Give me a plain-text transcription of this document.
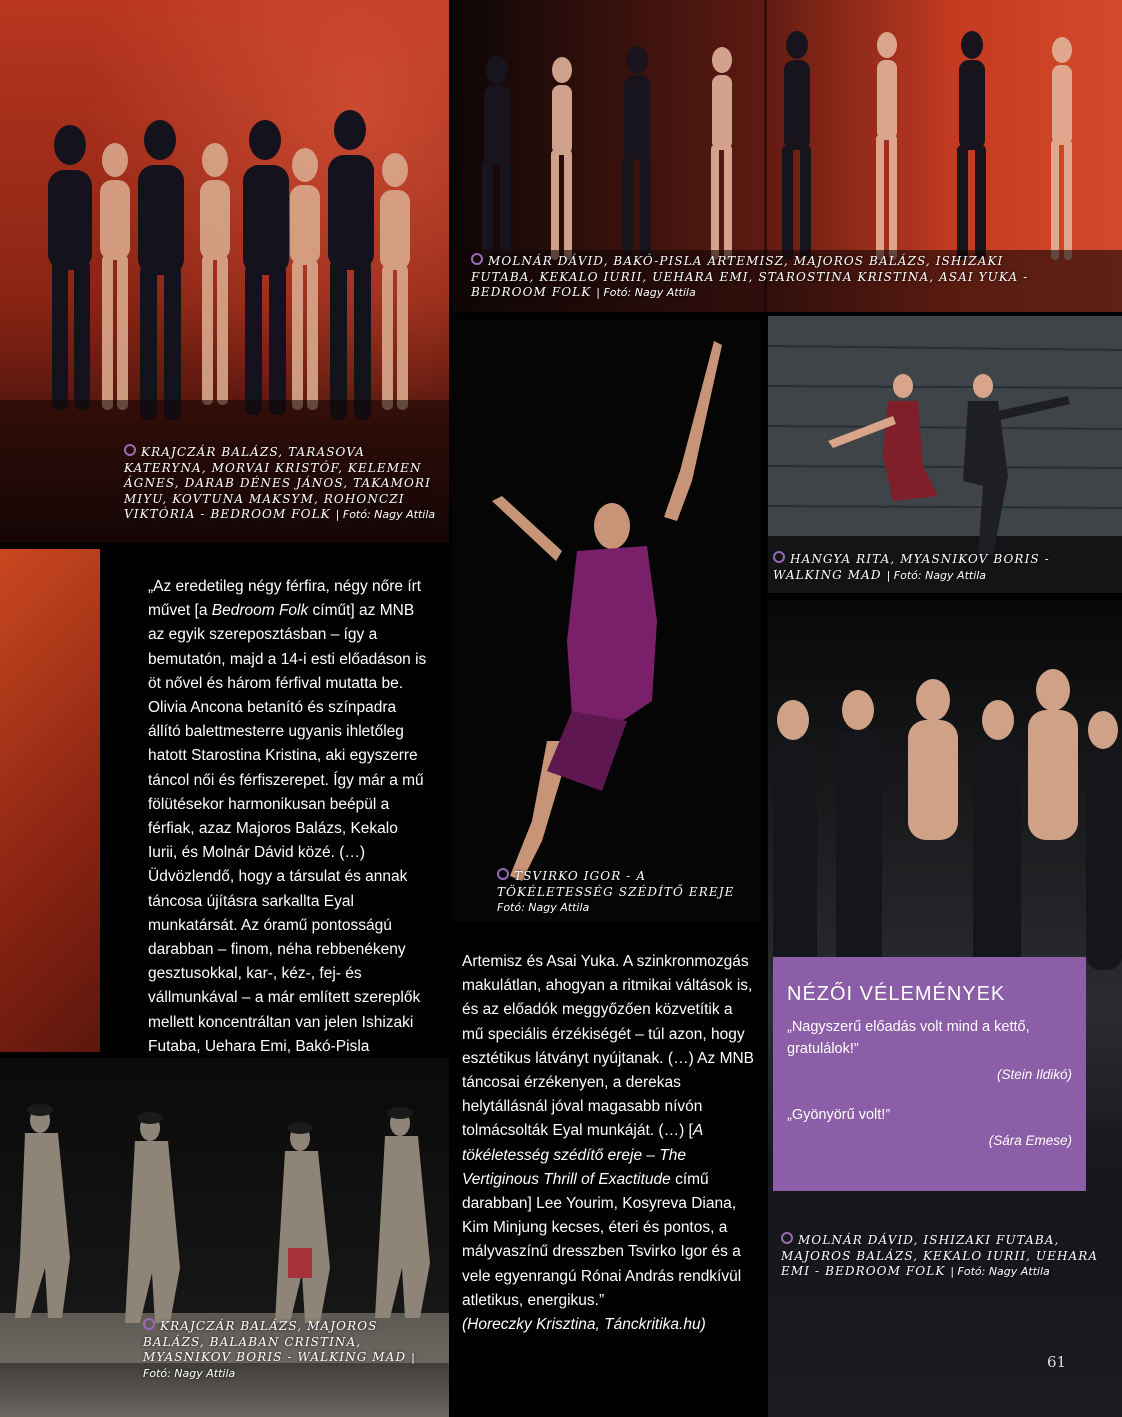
KRAJCZÁR BALÁZS, TARASOVA KATERYNA, MORVAI KRISTÓF, KELEMEN ÁGNES, DARAB DÉNES JÁNOS, TAKAMORI MIYU, KOVTUNA MAKSYM, ROHONCZI VIKTÓRIA - BEDROOM FOLK | Fotó: Nagy Attila
MOLNÁR DÁVID, BAKÓ-PISLA ARTEMISZ, MAJOROS BALÁZS, ISHIZAKI FUTABA, KEKALO IURII, UEHARA EMI, STAROSTINA KRISTINA, ASAI YUKA - BEDROOM FOLK | Fotó: Nagy Attila
TSVIRKO IGOR - A TÖKÉLETESSÉG SZÉDÍTŐ EREJE
Fotó: Nagy Attila
HANGYA RITA, MYASNIKOV BORIS - WALKING MAD | Fotó: Nagy Attila
KRAJCZÁR BALÁZS, MAJOROS BALÁZS, BALABAN CRISTINA, MYASNIKOV BORIS - WALKING MAD | Fotó: Nagy Attila

„Az eredetileg négy férfira, négy nőre írt művet [a Bedroom Folk címűt] az MNB az egyik szereposztásban – így a bemutatón, majd a 14-i esti előadáson is öt nővel és három férfival mutatta be. Olivia Ancona betanító és színpadra állító balettmesterre ugyanis ihletőleg hatott Starostina Kristina, aki egyszerre táncol női és férfiszerepet. Így már a mű fölütésekor harmonikusan beépül a férfiak, azaz Majoros Balázs, Kekalo Iurii, és Molnár Dávid közé. (…) Üdvözlendő, hogy a társulat és annak táncosa újításra sarkallta Eyal munkatársát. Az óramű pontosságú darabban – finom, néha rebbenékeny gesztusokkal, kar-, kéz-, fej- és vállmunkával – a már említett szereplők mellett koncentráltan van jelen Ishizaki Futaba, Uehara Emi, Bakó-Pisla

Artemisz és Asai Yuka. A szinkronmozgás makulátlan, ahogyan a ritmikai váltások is, és az előadók meggyőzően közvetítik a mű speciális érzékiségét – túl azon, hogy esztétikus látványt nyújtanak. (…) Az MNB táncosai érzékenyen, a derekas helytállásnál jóval magasabb nívón tolmácsolták Eyal munkáját. (…) [A tökéletesség szédítő ereje – The Vertiginous Thrill of Exactitude című darabban] Lee Yourim, Kosyreva Diana, Kim Minjung kecses, éteri és pontos, a mályvaszínű dresszben Tsvirko Igor és a vele egyenrangú Rónai András rendkívül atletikus, energikus.”
(Horeczky Krisztina, Tánckritika.hu)

NÉZŐI VÉLEMÉNYEK

„Nagyszerű előadás volt mind a kettő, gratulálok!”

(Stein Ildikó)

„Gyönyörű volt!”

(Sára Emese)

MOLNÁR DÁVID, ISHIZAKI FUTABA, MAJOROS BALÁZS, KEKALO IURII, UEHARA EMI - BEDROOM FOLK | Fotó: Nagy Attila
61
